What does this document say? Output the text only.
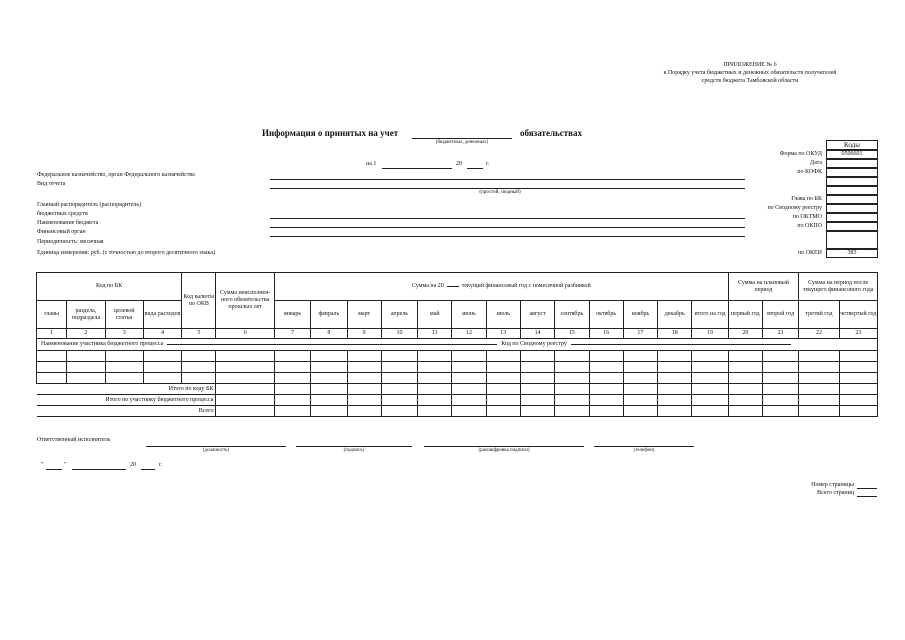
ПРИЛОЖЕНИЕ № 6
к Порядку учета бюджетных и денежных обязательств получателей
средств бюджета Тамбовской области
Информация о принятых на учет	обязательствах
(бюджетных, денежных)
на 1	20	г.
Коды
Форма по ОКУД	0506601
Дата
по КОФК
Глава по БК
по Сводному реестру
по ОКТМО
по ОКПО
по ОКЕИ	383
Федеральное казначейство, орган Федерального казначейства
Вид отчета
(простой, сводный)
Главный распорядитель (распорядитель)
бюджетных средств
Наименование бюджета
Финансовый орган
Периодичность: месячная
Единица измерения: руб. (с точностью до второго десятичного знака)
Код по БК				Код валюты по ОКВ	Сумма неисполнен-ного обязательства прошлых лет	Сумма на 20 текущий финансовый год с помесячной разбивкой													Сумма на плановый период		Сумма на период после текущего финансового года	
главы	раздела, подраздела	целевой статьи	вида расходов			январь	февраль	март	апрель	май	июнь	июль	август	сентябрь	октябрь	ноябрь	декабрь	итого на год	первый год	второй год	третий год	четвертый год
1	2	3	4	5	6	7	8	9	10	11	12	13	14	15	16	17	18	19	20	21	22	23
Наименование участника бюджетного процесса Код по Сводному реестру																						

Итого по коду БК																						
Итого по участнику бюджетного процесса																						
Всего																						
Ответственный исполнитель
(должность)	(подпись)	(расшифровка подписи)	(телефон)
"	"	20	г.
Номер страницы
Всего страниц
